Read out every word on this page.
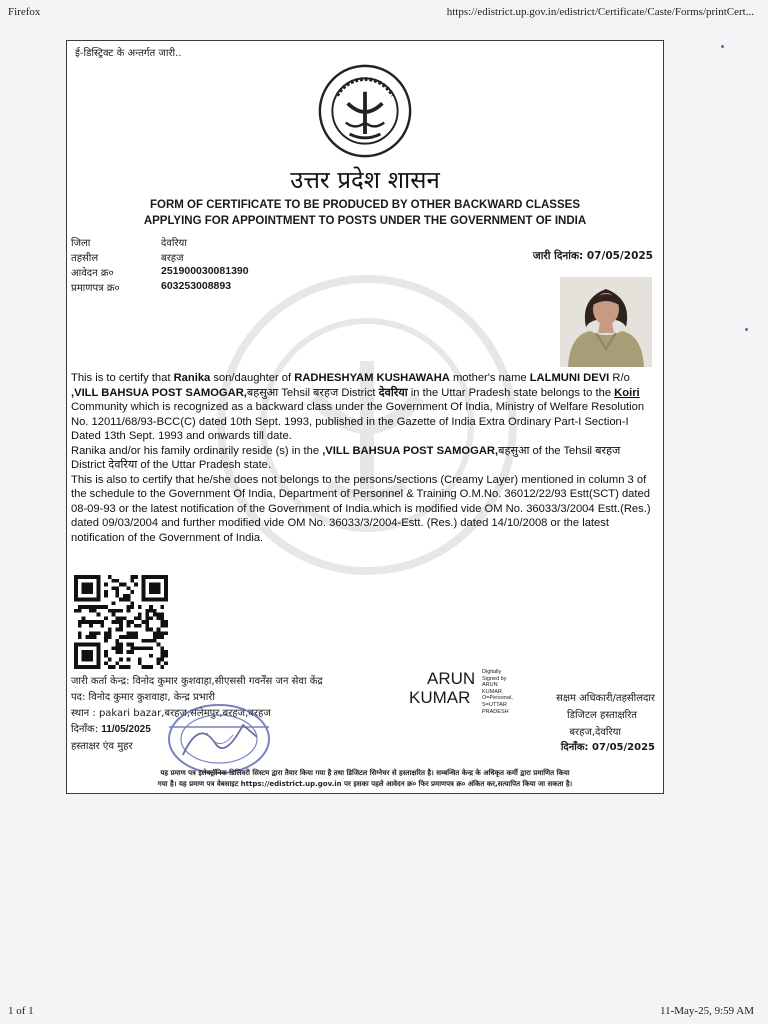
Firefox	https://edistrict.up.gov.in/edistrict/Certificate/Caste/Forms/printCert...
ई-डिस्ट्रिक्ट के अन्तर्गत जारी..
उत्तर प्रदेश शासन
FORM OF CERTIFICATE TO BE PRODUCED BY OTHER BACKWARD CLASSES
APPLYING FOR APPOINTMENT TO POSTS UNDER THE GOVERNMENT OF INDIA
जिला	देवरिया
तहसील	बरहज
आवेदन क्र०	251900030081390
प्रमाणपत्र क्र०	603253008893
जारी दिनांक: 07/05/2025
This is to certify that Ranika son/daughter of RADHESHYAM KUSHAWAHA mother's name LALMUNI DEVI R/o ,VILL BAHSUA POST SAMOGAR,बहसुआ Tehsil बरहज District देवरिया in the Uttar Pradesh state belongs to the Koiri Community which is recognized as a backward class under the Government Of India, Ministry of Welfare Resolution No. 12011/68/93-BCC(C) dated 10th Sept. 1993, published in the Gazette of India Extra Ordinary Part-I Section-I Dated 13th Sept. 1993 and onwards till date.
Ranika and/or his family ordinarily reside (s) in the ,VILL BAHSUA POST SAMOGAR,बहसुआ of the Tehsil बरहज District देवरिया of the Uttar Pradesh state.
This is also to certify that he/she does not belongs to the persons/sections (Creamy Layer) mentioned in column 3 of the schedule to the Government Of India, Department of Personnel & Training O.M.No. 36012/22/93 Estt(SCT) dated 08-09-93 or the latest notification of the Government of India.which is modified vide OM No. 36033/3/2004 Estt.(Res.) dated 09/03/2004 and further modified vide OM No. 36033/3/2004-Estt. (Res.) dated 14/10/2008 or the latest notification of the Government of India.
जारी कर्ता केन्द्र: विनोद कुमार कुशवाहा,सीएससी गवर्नेंस जन सेवा केंद्र
पद: विनोद कुमार कुशवाहा, केन्द्र प्रभारी
स्थान : pakari bazar,बरहज,सलेमपुर,बरहज,बरहज
दिनाँक: 11/05/2025
हस्ताक्षर एंव मुहर
ARUN
KUMAR
Digitally
Signed by
ARUN
KUMAR
O=Personal,
S=UTTAR
PRADESH
सक्षम अधिकारी/तहसीलदार
डिजिटल हस्ताक्षरित
बरहज,देवरिया
दिनाँक: 07/05/2025
यह प्रमाण पत्र इलेक्ट्रॉनिक डिलिवरी सिस्टम द्वारा तैयार किया गया है तथा डिजिटल सिग्नेचर से हस्ताक्षरित है। सम्बन्धित केन्द्र के अधिकृत कर्मी द्वारा प्रमाणित किया
गया है। यह प्रमाण पत्र वेबसाइट https://edistrict.up.gov.in पर इसका पहले आवेदन क्र० फिर प्रमाणपत्र क्र० अंकित कर,सत्यापित किया जा सकता है।
1 of 1	11-May-25, 9:59 AM
